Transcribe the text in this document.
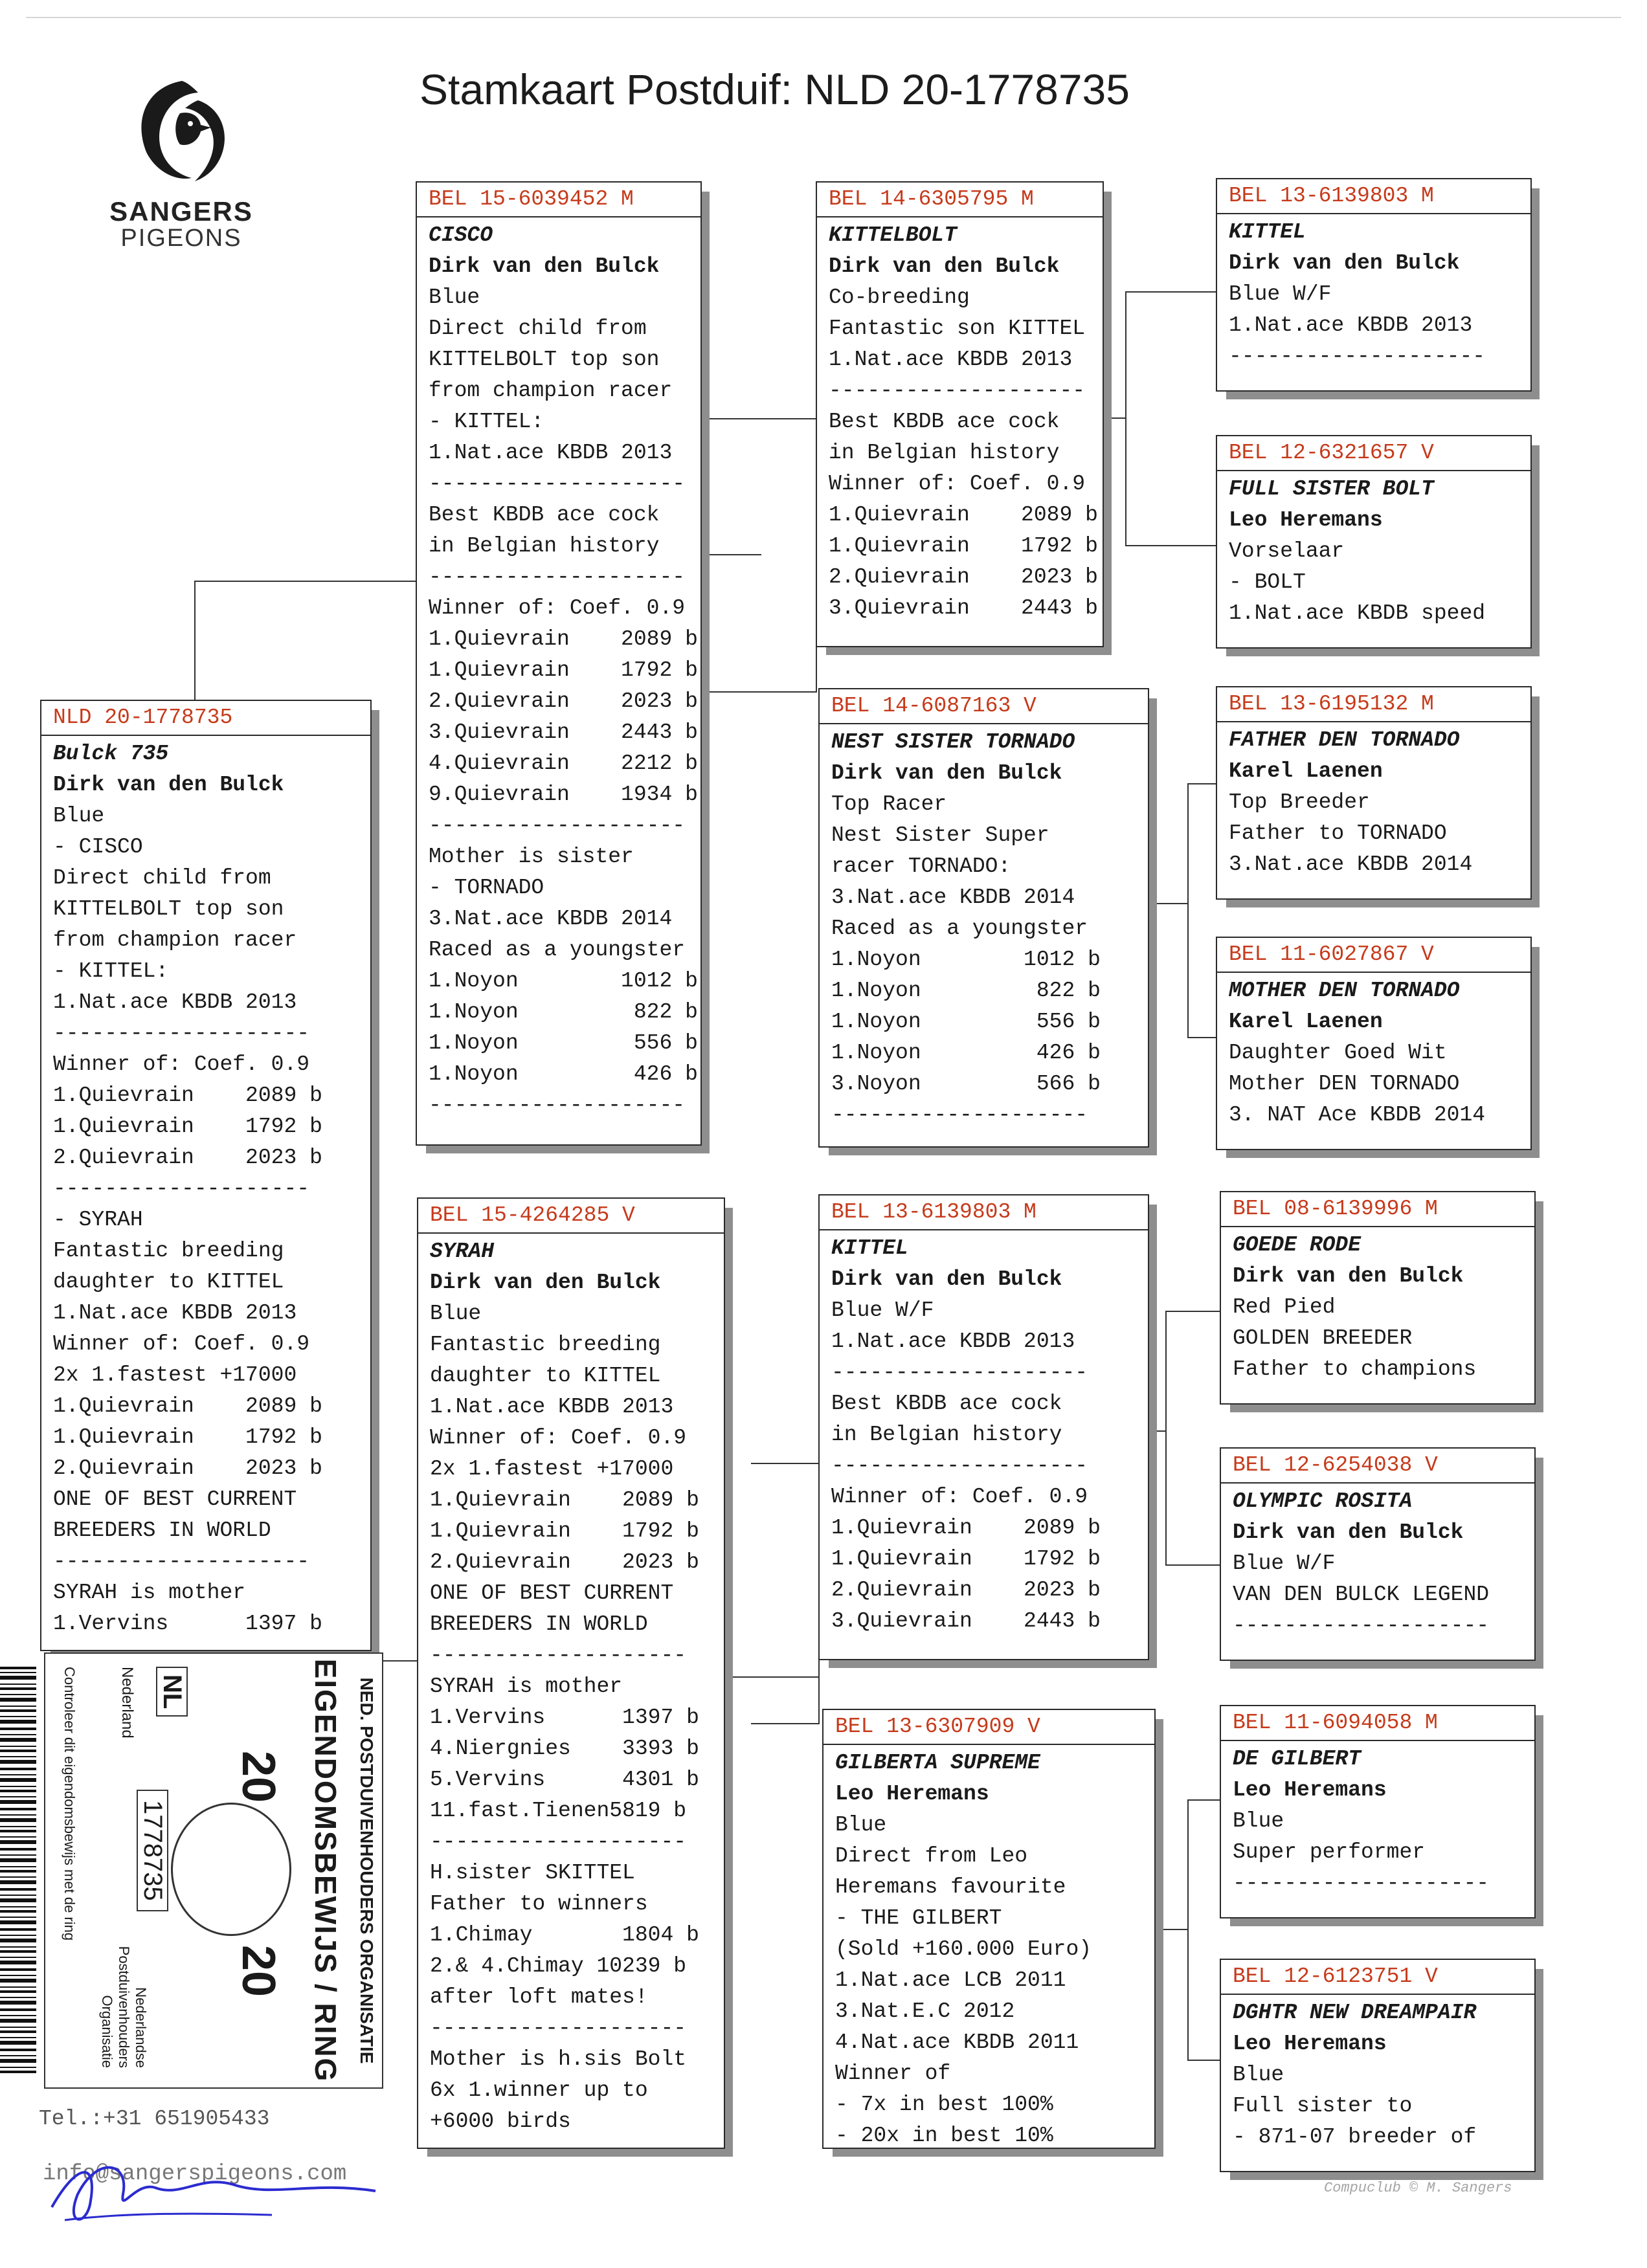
Stamkaart Postduif: NLD 20-1778735
SANGERS
PIGEONS
NLD 20-1778735
Bulck 735
Dirk van den Bulck
Blue
- CISCO
Direct child from
KITTELBOLT top son
from champion racer
- KITTEL:
1.Nat.ace KBDB 2013
--------------------
Winner of: Coef. 0.9
1.Quievrain    2089 b
1.Quievrain    1792 b
2.Quievrain    2023 b
--------------------
- SYRAH
Fantastic breeding
daughter to KITTEL
1.Nat.ace KBDB 2013
Winner of: Coef. 0.9
2x 1.fastest +17000
1.Quievrain    2089 b
1.Quievrain    1792 b
2.Quievrain    2023 b
ONE OF BEST CURRENT
BREEDERS IN WORLD
--------------------
SYRAH is mother
1.Vervins      1397 b
BEL 15-6039452 M
CISCO
Dirk van den Bulck
Blue
Direct child from
KITTELBOLT top son
from champion racer
- KITTEL:
1.Nat.ace KBDB 2013
--------------------
Best KBDB ace cock
in Belgian history
--------------------
Winner of: Coef. 0.9
1.Quievrain    2089 b
1.Quievrain    1792 b
2.Quievrain    2023 b
3.Quievrain    2443 b
4.Quievrain    2212 b
9.Quievrain    1934 b
--------------------
Mother is sister
- TORNADO
3.Nat.ace KBDB 2014
Raced as a youngster
1.Noyon        1012 b
1.Noyon         822 b
1.Noyon         556 b
1.Noyon         426 b
--------------------
BEL 15-4264285 V
SYRAH
Dirk van den Bulck
Blue
Fantastic breeding
daughter to KITTEL
1.Nat.ace KBDB 2013
Winner of: Coef. 0.9
2x 1.fastest +17000
1.Quievrain    2089 b
1.Quievrain    1792 b
2.Quievrain    2023 b
ONE OF BEST CURRENT
BREEDERS IN WORLD
--------------------
SYRAH is mother
1.Vervins      1397 b
4.Niergnies    3393 b
5.Vervins      4301 b
11.fast.Tienen5819 b
--------------------
H.sister SKITTEL
Father to winners
1.Chimay       1804 b
2.& 4.Chimay 10239 b
after loft mates!
--------------------
Mother is h.sis Bolt
6x 1.winner up to
+6000 birds
BEL 14-6305795 M
KITTELBOLT
Dirk van den Bulck
Co-breeding
Fantastic son KITTEL
1.Nat.ace KBDB 2013
--------------------
Best KBDB ace cock
in Belgian history
Winner of: Coef. 0.9
1.Quievrain    2089 b
1.Quievrain    1792 b
2.Quievrain    2023 b
3.Quievrain    2443 b
BEL 14-6087163 V
NEST SISTER TORNADO
Dirk van den Bulck
Top Racer
Nest Sister Super
racer TORNADO:
3.Nat.ace KBDB 2014
Raced as a youngster
1.Noyon        1012 b
1.Noyon         822 b
1.Noyon         556 b
1.Noyon         426 b
3.Noyon         566 b
--------------------
BEL 13-6139803 M
KITTEL
Dirk van den Bulck
Blue W/F
1.Nat.ace KBDB 2013
--------------------
Best KBDB ace cock
in Belgian history
--------------------
Winner of: Coef. 0.9
1.Quievrain    2089 b
1.Quievrain    1792 b
2.Quievrain    2023 b
3.Quievrain    2443 b
BEL 13-6307909 V
GILBERTA SUPREME
Leo Heremans
Blue
Direct from Leo
Heremans favourite
- THE GILBERT
(Sold +160.000 Euro)
1.Nat.ace LCB 2011
3.Nat.E.C 2012
4.Nat.ace KBDB 2011
Winner of
- 7x in best 100%
- 20x in best 10%
BEL 13-6139803 M
KITTEL
Dirk van den Bulck
Blue W/F
1.Nat.ace KBDB 2013
--------------------
BEL 12-6321657 V
FULL SISTER BOLT
Leo Heremans
Vorselaar
- BOLT
1.Nat.ace KBDB speed
BEL 13-6195132 M
FATHER DEN TORNADO
Karel Laenen
Top Breeder
Father to TORNADO
3.Nat.ace KBDB 2014
BEL 11-6027867 V
MOTHER DEN TORNADO
Karel Laenen
Daughter Goed Wit
Mother DEN TORNADO
3. NAT Ace KBDB 2014
BEL 08-6139996 M
GOEDE RODE
Dirk van den Bulck
Red Pied
GOLDEN BREEDER
Father to champions
BEL 12-6254038 V
OLYMPIC ROSITA
Dirk van den Bulck
Blue W/F
VAN DEN BULCK LEGEND
--------------------
BEL 11-6094058 M
DE GILBERT
Leo Heremans
Blue
Super performer
--------------------
BEL 12-6123751 V
DGHTR NEW DREAMPAIR
Leo Heremans
Blue
Full sister to
- 871-07 breeder of
NED. POSTDUIVENHOUDERS ORGANISATIE
EIGENDOMSBEWIJS / RING
20
20
NL
1778735
Nederland
Controleer dit eigendomsbewijs met de ring
Nederlandse
Postduivenhouders
Organisatie
Tel.:+31 651905433
info@sangerspigeons.com
Compuclub © M. Sangers
